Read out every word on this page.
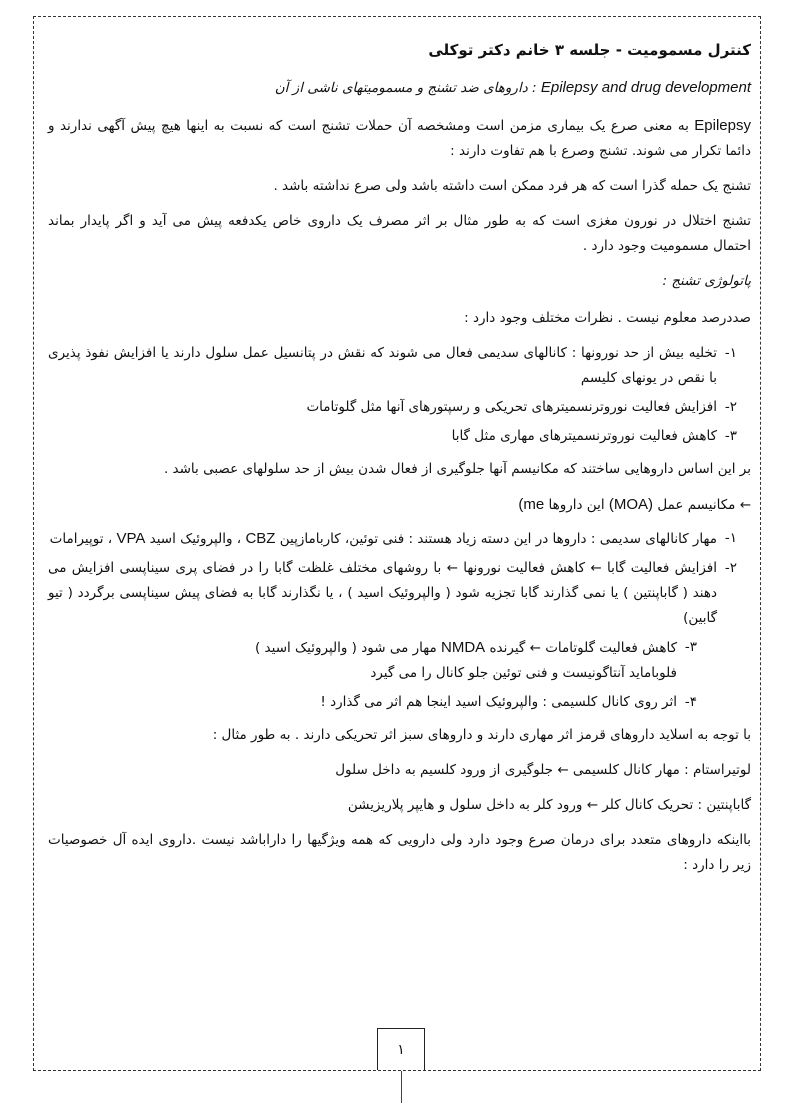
کنترل مسمومیت - جلسه ۳ خانم دکتر توکلی

Epilepsy and drug development : داروهای ضد تشنج و مسمومیتهای ناشی از آن

Epilepsy به معنی صرع یک بیماری مزمن است ومشخصه آن حملات تشنج است که نسبت به اینها هیچ پیش آگهی ندارند و دائما تکرار می شوند. تشنج وصرع با هم تفاوت دارند :

تشنج یک حمله گذرا است که هر فرد ممکن است داشته باشد ولی صرع نداشته باشد .

تشنج اختلال در نورون مغزی است که به طور مثال بر اثر مصرف یک داروی خاص یکدفعه پیش می آید و اگر پایدار بماند احتمال مسمومیت وجود دارد .

پاتولوژی تشنج :

صددرصد معلوم نیست . نظرات مختلف وجود دارد :

۱-
تخلیه بیش از حد نورونها : کانالهای سدیمی فعال می شوند که نقش در پتانسیل عمل سلول دارند یا افزایش نفوذ پذیری با نقص در یونهای کلیسم
۲-
افزایش فعالیت نوروترنسمیترهای تحریکی و رسپتورهای آنها مثل گلوتامات
۳-
کاهش فعالیت نوروترنسمیترهای مهاری مثل گابا

بر این اساس داروهایی ساختند که مکانیسم آنها جلوگیری از فعال شدن بیش از حد سلولهای عصبی باشد .

← مکانیسم عمل (MOA) این داروها (me

۱-
مهار کانالهای سدیمی : داروها در این دسته زیاد هستند : فنی توئین، کاربامازپین CBZ ، والپروئیک اسید VPA ، توپیرامات
۲-
افزایش فعالیت گابا ← کاهش فعالیت نورونها ← با روشهای مختلف غلظت گابا را در فضای پری سیناپسی افزایش می دهند ( گاباپنتین ) یا نمی گذارند گابا تجزیه شود ( والپروئیک اسید ) ، یا نگذارند گابا به فضای پیش سیناپسی برگردد ( تیو گابین)
۳-
کاهش فعالیت گلوتامات ← گیرنده NMDA مهار می شود ( والپروئیک اسید )
فلوباماید آنتاگونیست و فنی توئین جلو کانال را می گیرد
۴-
اثر روی کانال کلسیمی : والپروئیک اسید اینجا هم اثر می گذارد !

با توجه به اسلاید داروهای قرمز اثر مهاری دارند و داروهای سبز اثر تحریکی دارند . به طور مثال :

لوتیراستام : مهار کانال کلسیمی ← جلوگیری از ورود کلسیم به داخل سلول

گاباپنتین : تحریک کانال کلر ← ورود کلر به داخل سلول و هایپر پلاریزیشن

بااینکه داروهای متعدد برای درمان صرع وجود دارد ولی دارویی که همه ویژگیها را داراباشد نیست .داروی ایده آل خصوصیات زیر را دارد :

۱
